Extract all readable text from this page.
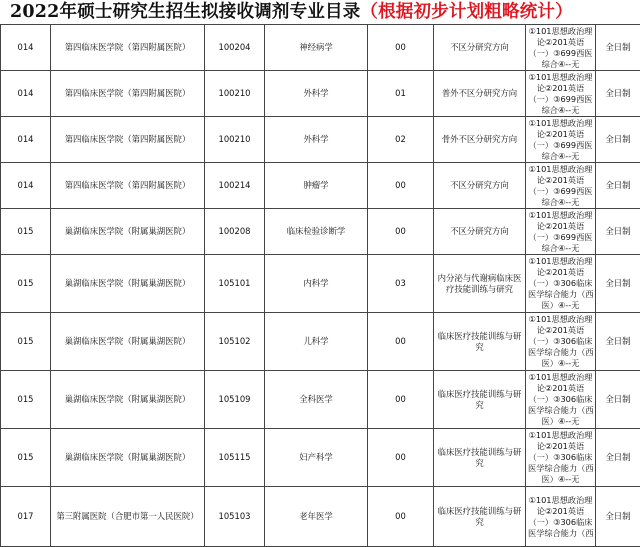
2022年硕士研究生招生拟接收调剂专业目录（根据初步计划粗略统计）
014	第四临床医学院（第四附属医院）	100204	神经病学	00	不区分研究方向	①101思想政治理
论②201英语
（一）③699西医
综合④--无	全日制
014	第四临床医学院（第四附属医院）	100210	外科学	01	普外不区分研究方向	①101思想政治理
论②201英语
（一）③699西医
综合④--无	全日制
014	第四临床医学院（第四附属医院）	100210	外科学	02	骨外不区分研究方向	①101思想政治理
论②201英语
（一）③699西医
综合④--无	全日制
014	第四临床医学院（第四附属医院）	100214	肿瘤学	00	不区分研究方向	①101思想政治理
论②201英语
（一）③699西医
综合④--无	全日制
015	巢湖临床医学院（附属巢湖医院）	100208	临床检验诊断学	00	不区分研究方向	①101思想政治理
论②201英语
（一）③699西医
综合④--无	全日制
015	巢湖临床医学院（附属巢湖医院）	105101	内科学	03	内分泌与代谢病临床医疗技能训练与研究	①101思想政治理
论②201英语
（一）③306临床
医学综合能力（西
医）④--无	全日制
015	巢湖临床医学院（附属巢湖医院）	105102	儿科学	00	临床医疗技能训练与研究	①101思想政治理
论②201英语
（一）③306临床
医学综合能力（西
医）④--无	全日制
015	巢湖临床医学院（附属巢湖医院）	105109	全科医学	00	临床医疗技能训练与研究	①101思想政治理
论②201英语
（一）③306临床
医学综合能力（西
医）④--无	全日制
015	巢湖临床医学院（附属巢湖医院）	105115	妇产科学	00	临床医疗技能训练与研究	①101思想政治理
论②201英语
（一）③306临床
医学综合能力（西
医）④--无	全日制
017	第三附属医院（合肥市第一人民医院）	105103	老年医学	00	临床医疗技能训练与研究	①101思想政治理
论②201英语
（一）③306临床
医学综合能力（西	全日制
